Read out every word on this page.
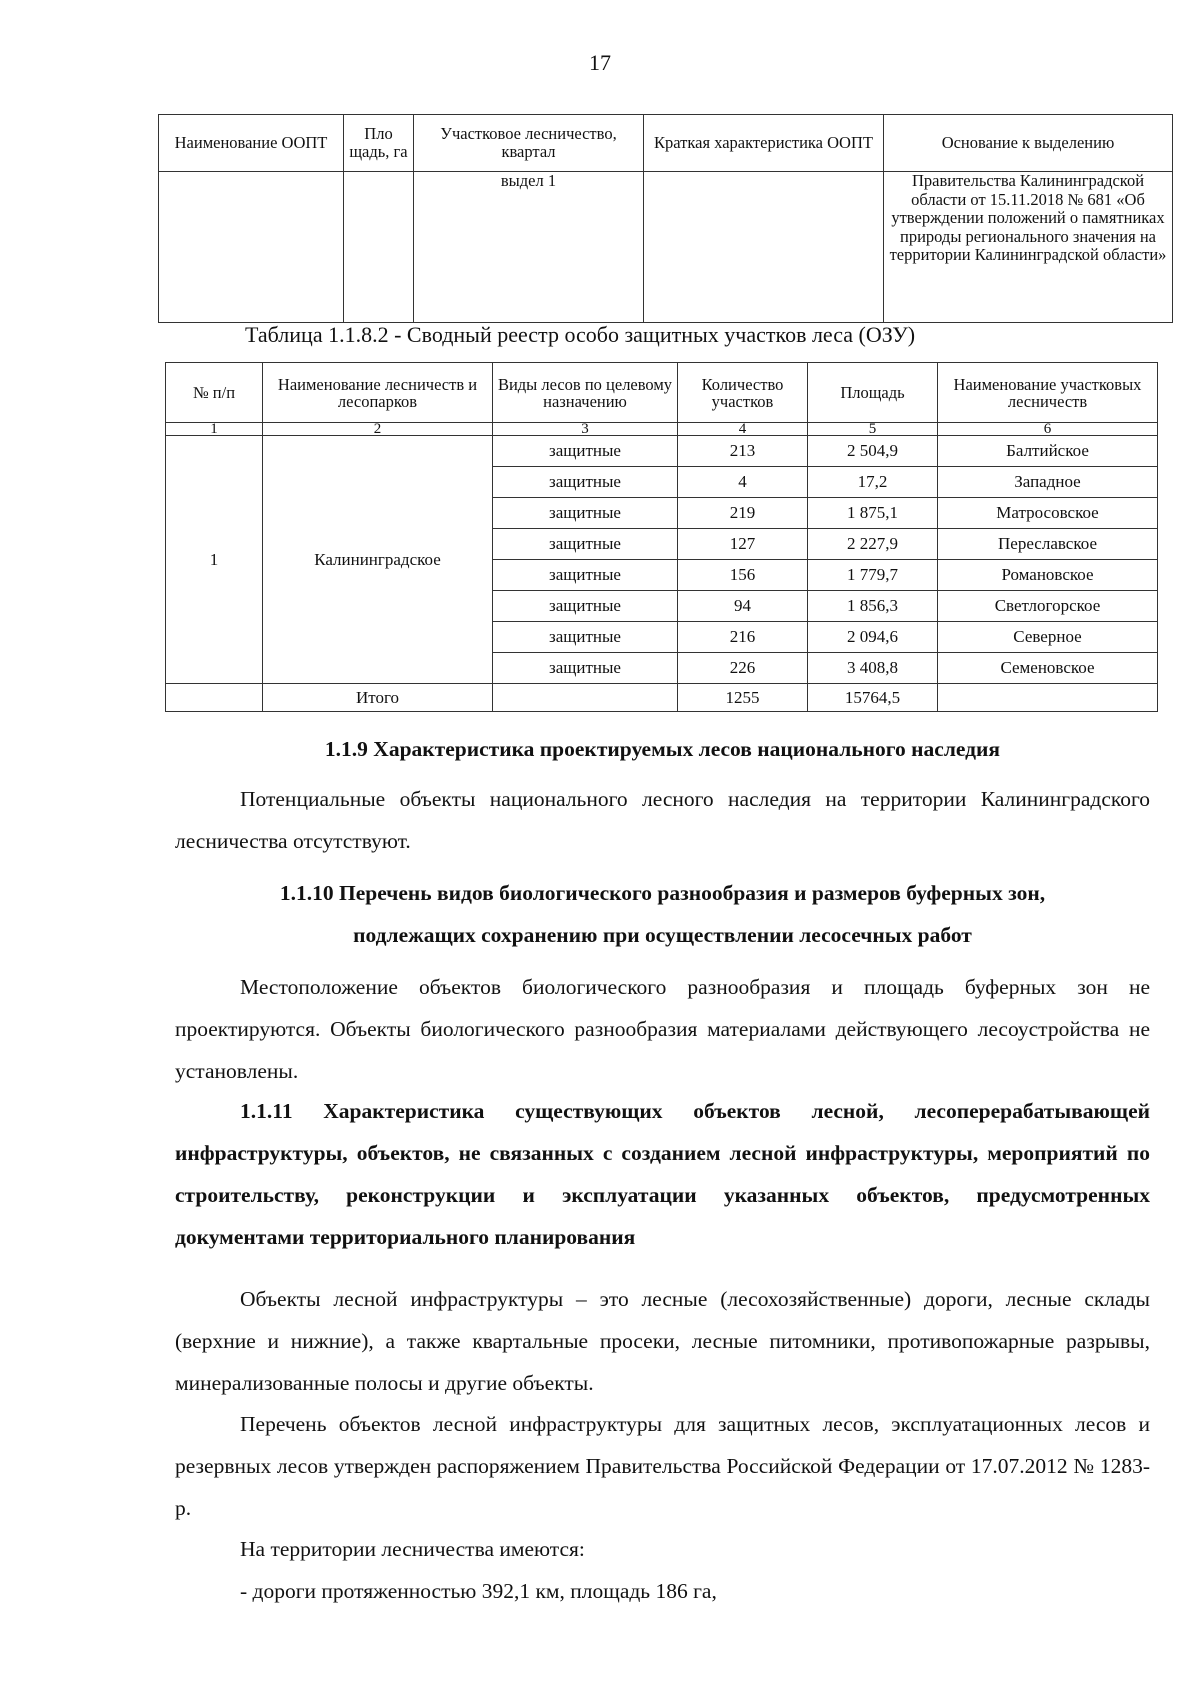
17
Наименование ООПТ	Пло щадь, га	Участковое лесничество, квартал	Краткая характеристика ООПТ	Основание к выделению
		выдел 1		Правительства Калининградской области от 15.11.2018 № 681 «Об утверждении положений о памятниках природы регионального значения на территории Калининградской области»
Таблица 1.1.8.2 - Сводный реестр особо защитных участков леса (ОЗУ)
№ п/п	Наименование лесничеств и лесопарков	Виды лесов по целевому назначению	Количество участков	Площадь	Наименование участковых лесничеств
1	2	3	4	5	6
1	Калининградское	защитные	213	2 504,9	Балтийское
		защитные	4	17,2	Западное
		защитные	219	1 875,1	Матросовское
		защитные	127	2 227,9	Переславское
		защитные	156	1 779,7	Романовское
		защитные	94	1 856,3	Светлогорское
		защитные	216	2 094,6	Северное
		защитные	226	3 408,8	Семеновское
	Итого		1255	15764,5	
1.1.9 Характеристика проектируемых лесов национального наследия
Потенциальные объекты национального лесного наследия на территории Калининградского лесничества отсутствуют.
1.1.10 Перечень видов биологического разнообразия и размеров буферных зон,
подлежащих сохранению при осуществлении лесосечных работ
Местоположение объектов биологического разнообразия и площадь буферных зон не проектируются. Объекты биологического разнообразия материалами действующего лесоустройства не установлены.
1.1.11 Характеристика существующих объектов лесной, лесоперерабатывающей инфраструктуры, объектов, не связанных с созданием лесной инфраструктуры, мероприятий по строительству, реконструкции и эксплуатации указанных объектов, предусмотренных документами территориального планирования
Объекты лесной инфраструктуры – это лесные (лесохозяйственные) дороги, лесные склады (верхние и нижние), а также квартальные просеки, лесные питомники, противопожарные разрывы, минерализованные полосы и другие объекты.
Перечень объектов лесной инфраструктуры для защитных лесов, эксплуатационных лесов и резервных лесов утвержден распоряжением Правительства Российской Федерации от 17.07.2012 № 1283-р.
На территории лесничества имеются:
- дороги протяженностью 392,1 км, площадь 186 га,
